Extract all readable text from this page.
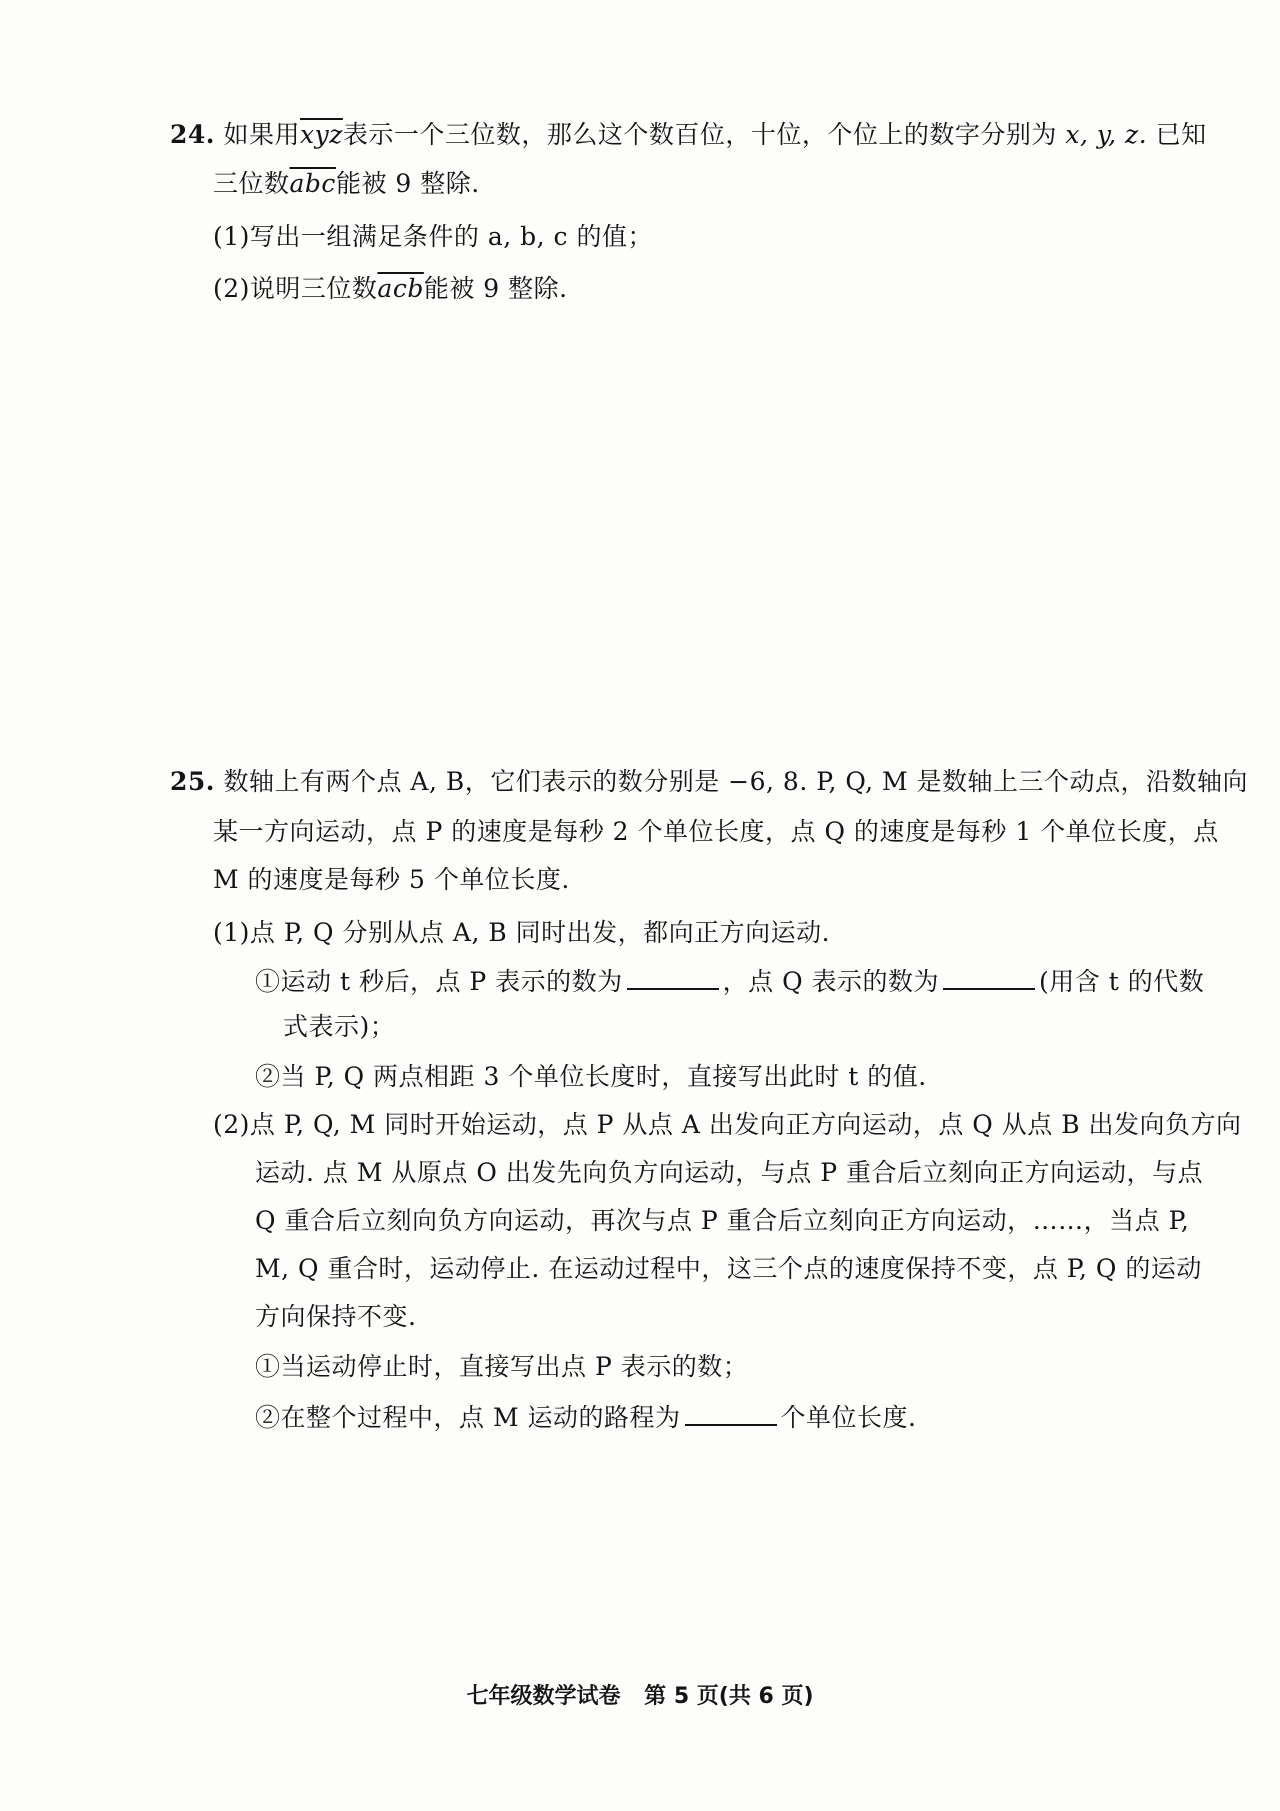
24. 如果用$\overline{xyz}$表示一个三位数，那么这个数百位，十位，个位上的数字分别为 x, y, z. 已知
三位数$\overline{abc}$能被 9 整除.
(1)写出一组满足条件的 a, b, c 的值；
(2)说明三位数$\overline{acb}$能被 9 整除.
25. 数轴上有两个点 A, B，它们表示的数分别是 −6, 8. P, Q, M 是数轴上三个动点，沿数轴向
某一方向运动，点 P 的速度是每秒 2 个单位长度，点 Q 的速度是每秒 1 个单位长度，点
M 的速度是每秒 5 个单位长度.
(1)点 P, Q 分别从点 A, B 同时出发，都向正方向运动.
①运动 t 秒后，点 P 表示的数为	，点 Q 表示的数为	(用含 t 的代数
式表示)；
②当 P, Q 两点相距 3 个单位长度时，直接写出此时 t 的值.
(2)点 P, Q, M 同时开始运动，点 P 从点 A 出发向正方向运动，点 Q 从点 B 出发向负方向
运动. 点 M 从原点 O 出发先向负方向运动，与点 P 重合后立刻向正方向运动，与点
Q 重合后立刻向负方向运动，再次与点 P 重合后立刻向正方向运动，……，当点 P,
M, Q 重合时，运动停止. 在运动过程中，这三个点的速度保持不变，点 P, Q 的运动
方向保持不变.
①当运动停止时，直接写出点 P 表示的数；
②在整个过程中，点 M 运动的路程为	个单位长度.
七年级数学试卷 第 5 页(共 6 页)
